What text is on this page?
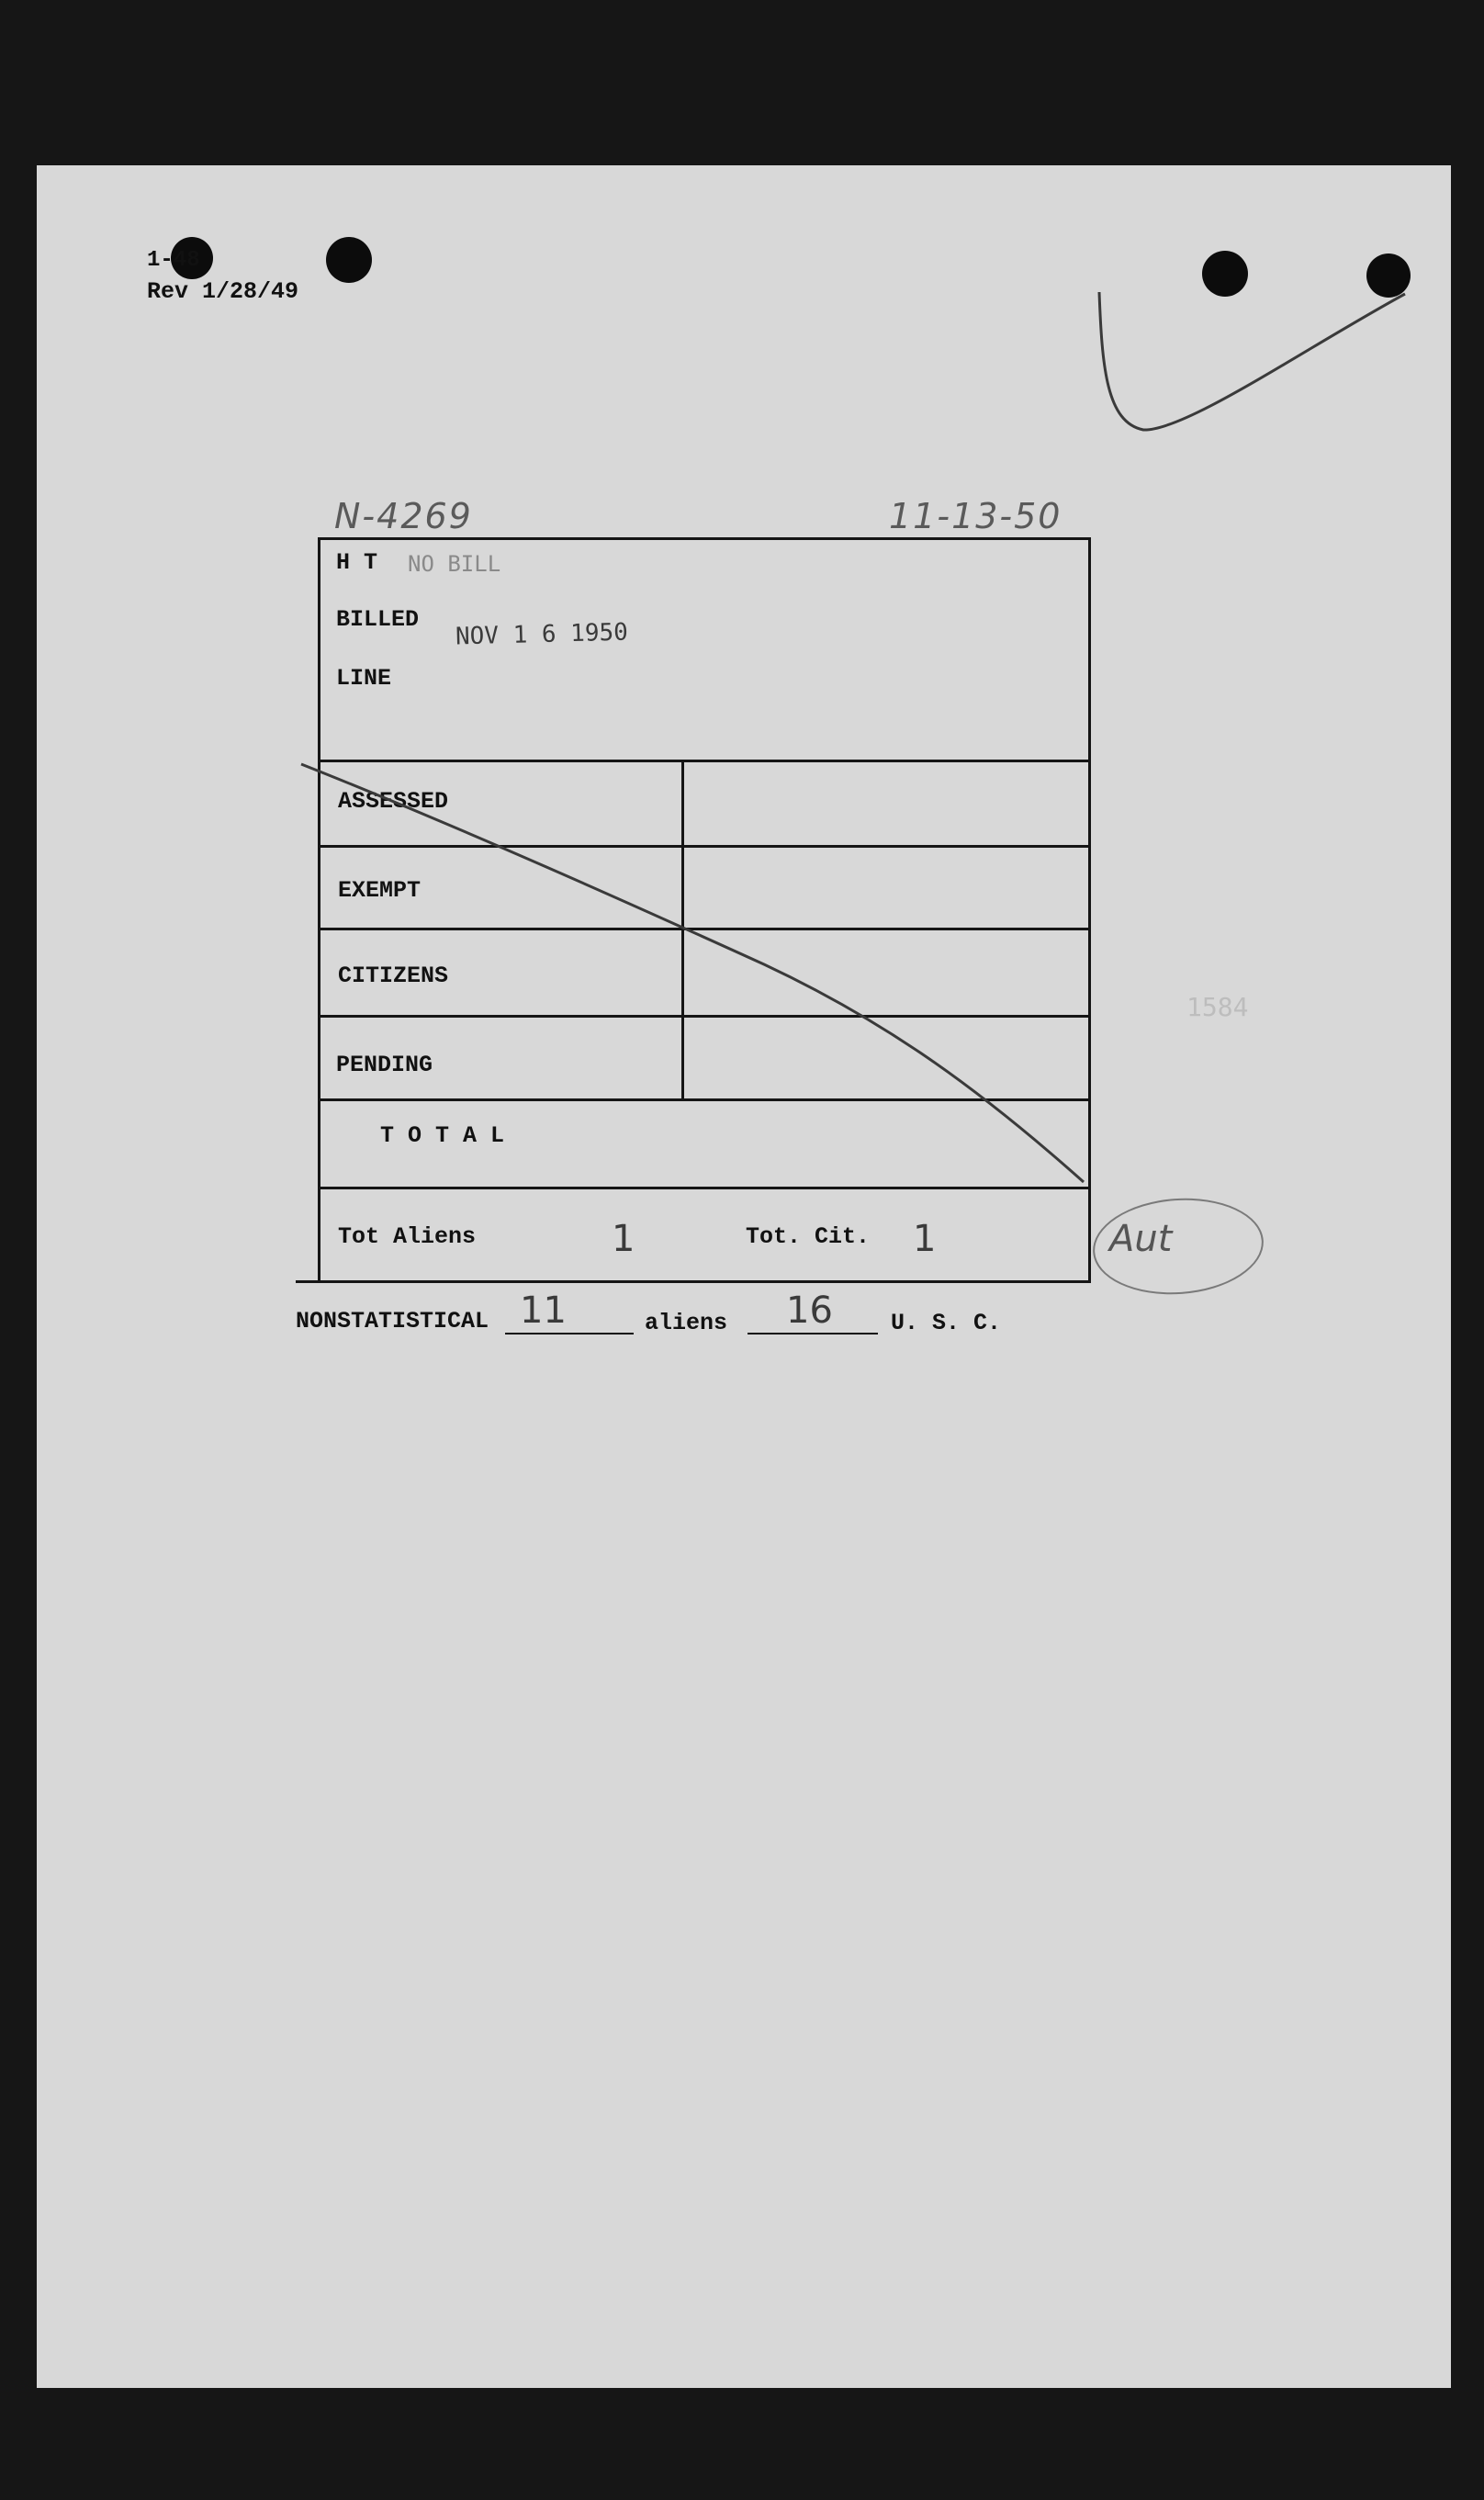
1-48
Rev 1/28/49
N-4269	11-13-50
H T NO BILL
BILLED NOV 1 6 1950
LINE
ASSESSED
EXEMPT
CITIZENS
PENDING
T O T A L
Tot Aliens	1	Tot. Cit. 1
NONSTATISTICAL 11	aliens 16	U. S. C.
1584
Aut
